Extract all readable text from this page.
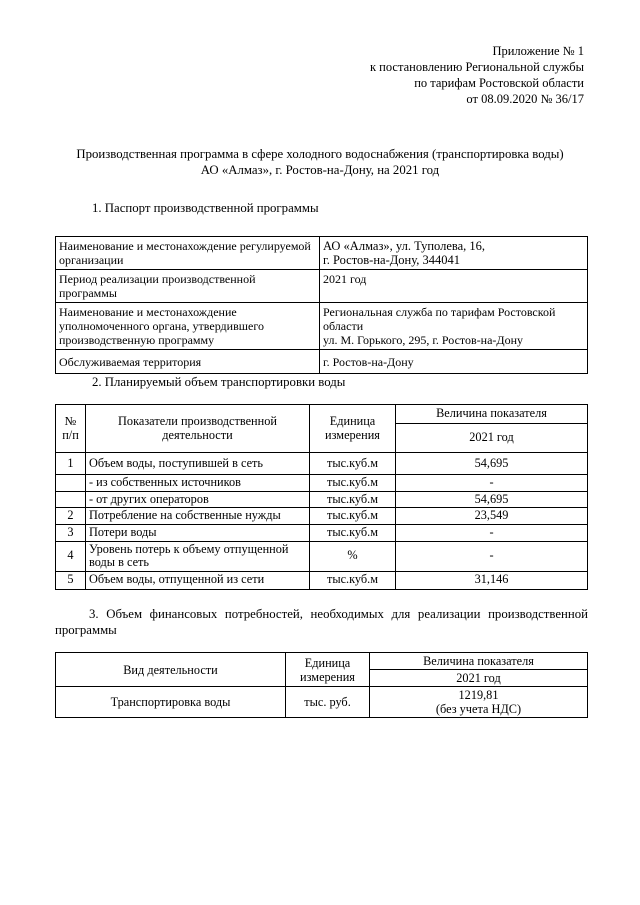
Приложение № 1
к постановлению Региональной службы
по тарифам Ростовской области
от 08.09.2020 № 36/17
Производственная программа в сфере холодного водоснабжения (транспортировка воды)
АО «Алмаз», г. Ростов-на-Дону, на 2021 год
1. Паспорт производственной программы
Наименование и местонахождение регулируемой организации	АО «Алмаз», ул. Туполева, 16,
г. Ростов-на-Дону, 344041

Период реализации производственной программы	2021 год
Наименование и местонахождение уполномоченного органа, утвердившего производственную программу	Региональная служба по тарифам Ростовской области
ул. М. Горького, 295, г. Ростов-на-Дону

Обслуживаемая территория	г. Ростов-на-Дону
2. Планируемый объем транспортировки воды
№ п/п	Показатели производственной деятельности	Единица измерения	Величина показателя
			2021 год
1	Объем воды, поступившей в сеть	тыс.куб.м	54,695
	- из собственных источников	тыс.куб.м	-
	- от других операторов	тыс.куб.м	54,695
2	Потребление на собственные нужды	тыс.куб.м	23,549
3	Потери воды	тыс.куб.м	-
4	Уровень потерь к объему отпущенной воды в сеть	%	-
5	Объем воды, отпущенной из сети	тыс.куб.м	31,146
3. Объем финансовых потребностей, необходимых для реализации производственной программы
Вид деятельности	Единица измерения	Величина показателя
		2021 год
Транспортировка воды	тыс. руб.	1219,81
(без учета НДС)
